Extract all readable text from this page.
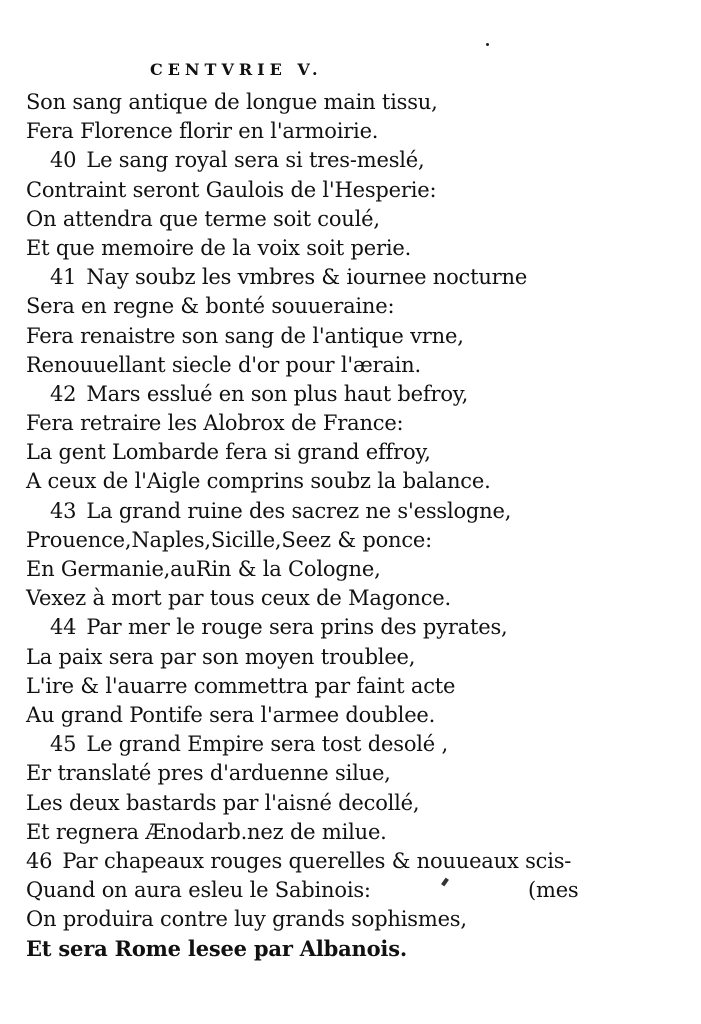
CENTVRIE V.
Son sang antique de longue main tissu,
Fera Florence florir en l'armoirie.
40 Le sang royal sera si tres-meslé,
Contraint seront Gaulois de l'Hesperie:
On attendra que terme soit coulé,
Et que memoire de la voix soit perie.
41 Nay soubz les vmbres & iournee nocturne
Sera en regne & bonté souueraine:
Fera renaistre son sang de l'antique vrne,
Renouuellant siecle d'or pour l'ærain.
42 Mars esslué en son plus haut befroy,
Fera retraire les Alobrox de France:
La gent Lombarde fera si grand effroy,
A ceux de l'Aigle comprins soubz la balance.
43 La grand ruine des sacrez ne s'esslogne,
Prouence,Naples,Sicille,Seez & ponce:
En Germanie,auRin & la Cologne,
Vexez à mort par tous ceux de Magonce.
44 Par mer le rouge sera prins des pyrates,
La paix sera par son moyen troublee,
L'ire & l'auarre commettra par faint acte
Au grand Pontife sera l'armee doublee.
45 Le grand Empire sera tost desolé ,
Er translaté pres d'arduenne silue,
Les deux bastards par l'aisné decollé,
Et regnera Ænodarb.nez de milue.
46 Par chapeaux rouges querelles & nouueaux scis-
Quand on aura esleu le Sabinois:	(mes
On produira contre luy grands sophismes,
Et sera Rome lesee par Albanois.
